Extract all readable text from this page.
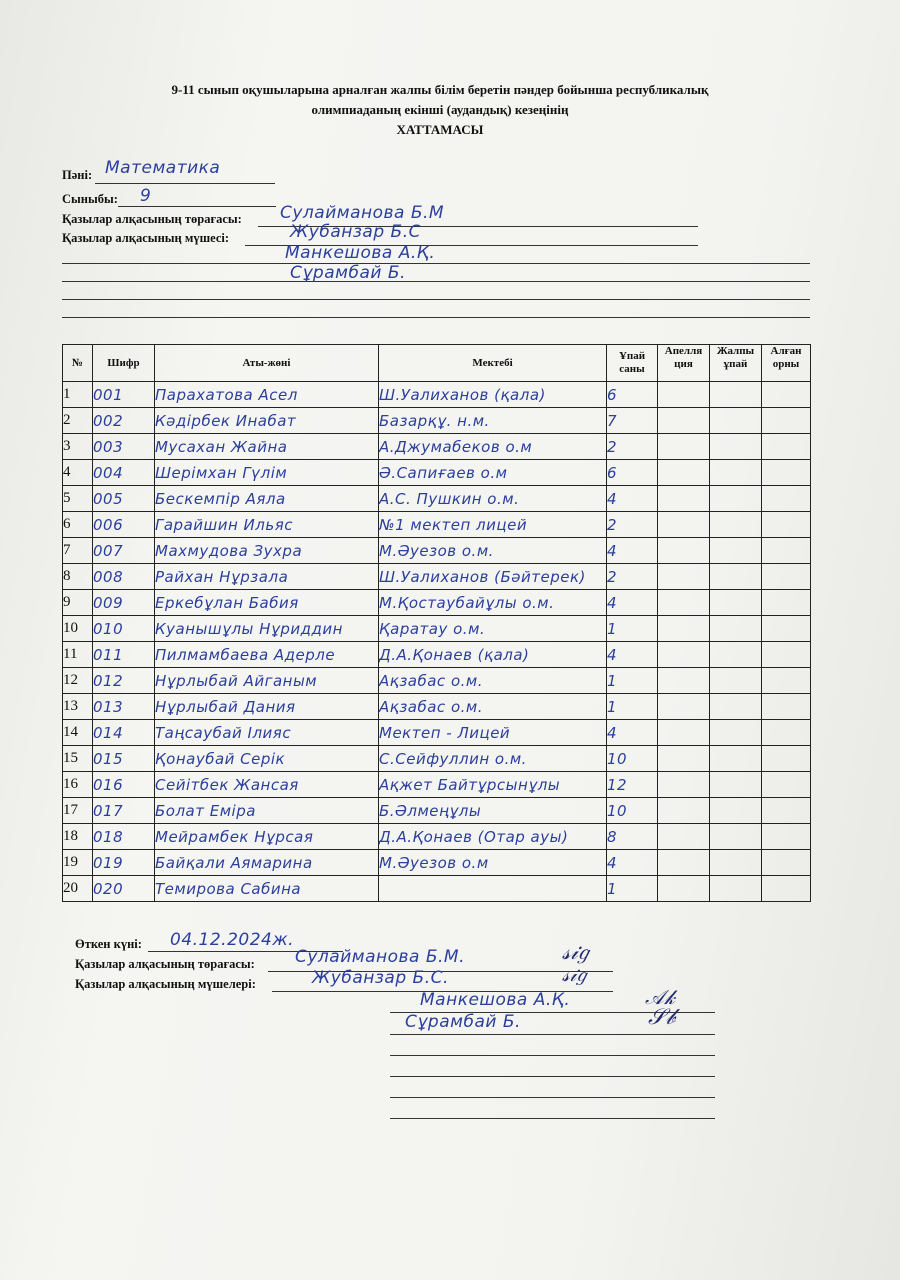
9-11 сынып оқушыларына арналған жалпы білім беретін пәндер бойынша республикалық
олимпиаданың екінші (аудандық) кезеңінің
ХАТТАМАСЫ
Пәні: Математика
Сыныбы: 9
Қазылар алқасының төрағасы: Сулайманова Б.М
Қазылар алқасының мүшесі:	Жубанзар Б.С
Манкешова А.Қ.
Сұрамбай Б.
№	Шифр	Аты-жөні	Мектебі	Ұпай саны	Апелля ция	Жалпы ұпай	Алған орны
1	001	Парахатова Асел	Ш.Уалиханов (қала)	6			
2	002	Кәдірбек Инабат	Базарқұ. н.м.	7			
3	003	Мусахан Жайна	А.Джумабеков о.м	2			
4	004	Шерімхан Гүлім	Ә.Сапиғаев о.м	6			
5	005	Бескемпір Аяла	А.С. Пушкин о.м.	4			
6	006	Гарайшин Ильяс	№1 мектеп лицей	2			
7	007	Махмудова Зухра	М.Әуезов о.м.	4			
8	008	Райхан Нұрзала	Ш.Уалиханов (Бәйтерек)	2			
9	009	Еркебұлан Бабия	М.Қостаубайұлы о.м.	4			
10	010	Куанышұлы Нұриддин	Қаратау о.м.	1			
11	011	Пилмамбаева Адерле	Д.А.Қонаев (қала)	4			
12	012	Нұрлыбай Айганым	Ақзабас о.м.	1			
13	013	Нұрлыбай Дания	Ақзабас о.м.	1			
14	014	Таңсаубай Ілияс	Мектеп - Лицей	4			
15	015	Қонаубай Серік	С.Сейфуллин о.м.	10			
16	016	Сейітбек Жансая	Ақжет Байтұрсынұлы	12			
17	017	Болат Еміра	Б.Әлмеңұлы	10			
18	018	Мейрамбек Нұрсая	Д.А.Қонаев (Отар ауы)	8			
19	019	Байқали Аямарина	М.Әуезов о.м	4			
20	020	Темирова Сабина		1			
Өткен күні: 04.12.2024ж.
Қазылар алқасының төрағасы: Сулайманова Б.М.	𝓈𝒾𝑔
Қазылар алқасының мүшелері:	Жубанзар Б.С.	𝓈𝒾𝑔
Манкешова А.Қ.	𝒜𝓀
Сұрамбай Б.	𝒮𝒷
